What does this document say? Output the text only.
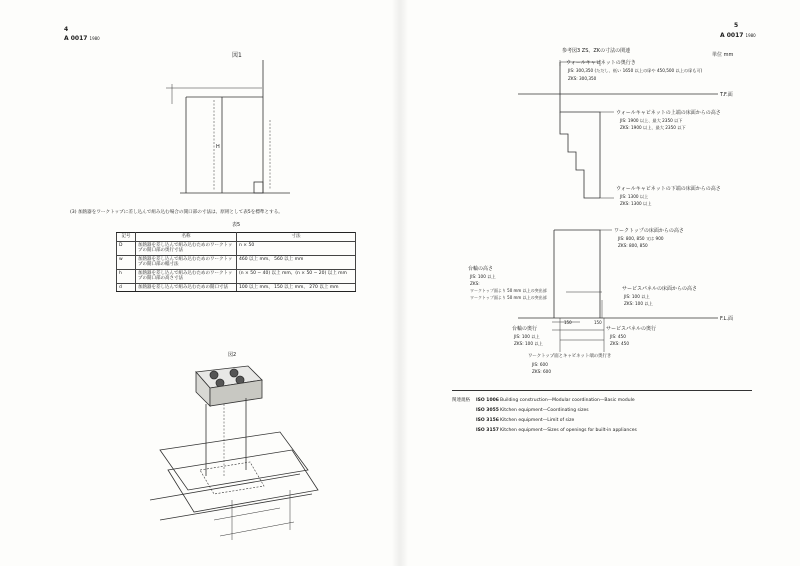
4
A 0017 1980
図1
H
(3) 加熱器をワークトップに差し込んで組み込む場合の開口部の寸法は、原則として表5を標準とする。
表5
記号	名称	寸法
D	加熱器を差し込んで組み込むためのワークトップの開口部の奥行寸法	n × 50
w	加熱器を差し込んで組み込むためのワークトップの開口部の幅寸法	460 以上 mm、 560 以上 mm
h	加熱器を差し込んで組み込むためのワークトップの開口部の高さ寸法	(n × 50 − 40) 以上 mm、(n × 50 − 20) 以上 mm
d	加熱器を差し込んで組み込むための開口寸法	100 以上 mm、 150 以上 mm、 270 以上 mm
図2
5
A 0017 1980
参考図3 ZS、ZKの寸法の関連
単位 mm
ウォールキャビネットの奥行き
JIS: 300,350 (ただし、低い 1650 以上の扉や 450,500 以上の扉も可)
ZKS: 300,350
T.F.面
ウォールキャビネットの上端の床面からの高さ
JIS: 1900 以上、最大 2350 以下
ZKS: 1900 以上、最大 2350 以下
ウォールキャビネットの下端の床面からの高さ
JIS: 1300 以上
ZKS: 1300 以上
ワークトップの床面からの高さ
JIS: 800, 850 又は 900
ZKS: 800, 850
台輪の高さ
JIS: 100 以上
ZKS:
ワークトップ面より 50 mm 以上の突出部
ワークトップ面より 50 mm 以上の突出部
サービスパネルの床面からの高さ
JIS: 100 以上
ZKS: 100 以上
F.L.面
150	150
台輪の奥行
JIS: 100 以上
ZKS: 100 以上
サービスパネルの奥行
JIS: 450
ZKS: 450
ワークトップ面とキャビネット端の奥行き
JIS: 600
ZKS: 600
関連規格	ISO 1006 Building construction—Modular coordination—Basic module
ISO 3055 Kitchen equipment—Coordinating sizes
ISO 3156 Kitchen equipment—Limit of size
ISO 3157 Kitchen equipment—Sizes of openings for built-in appliances
